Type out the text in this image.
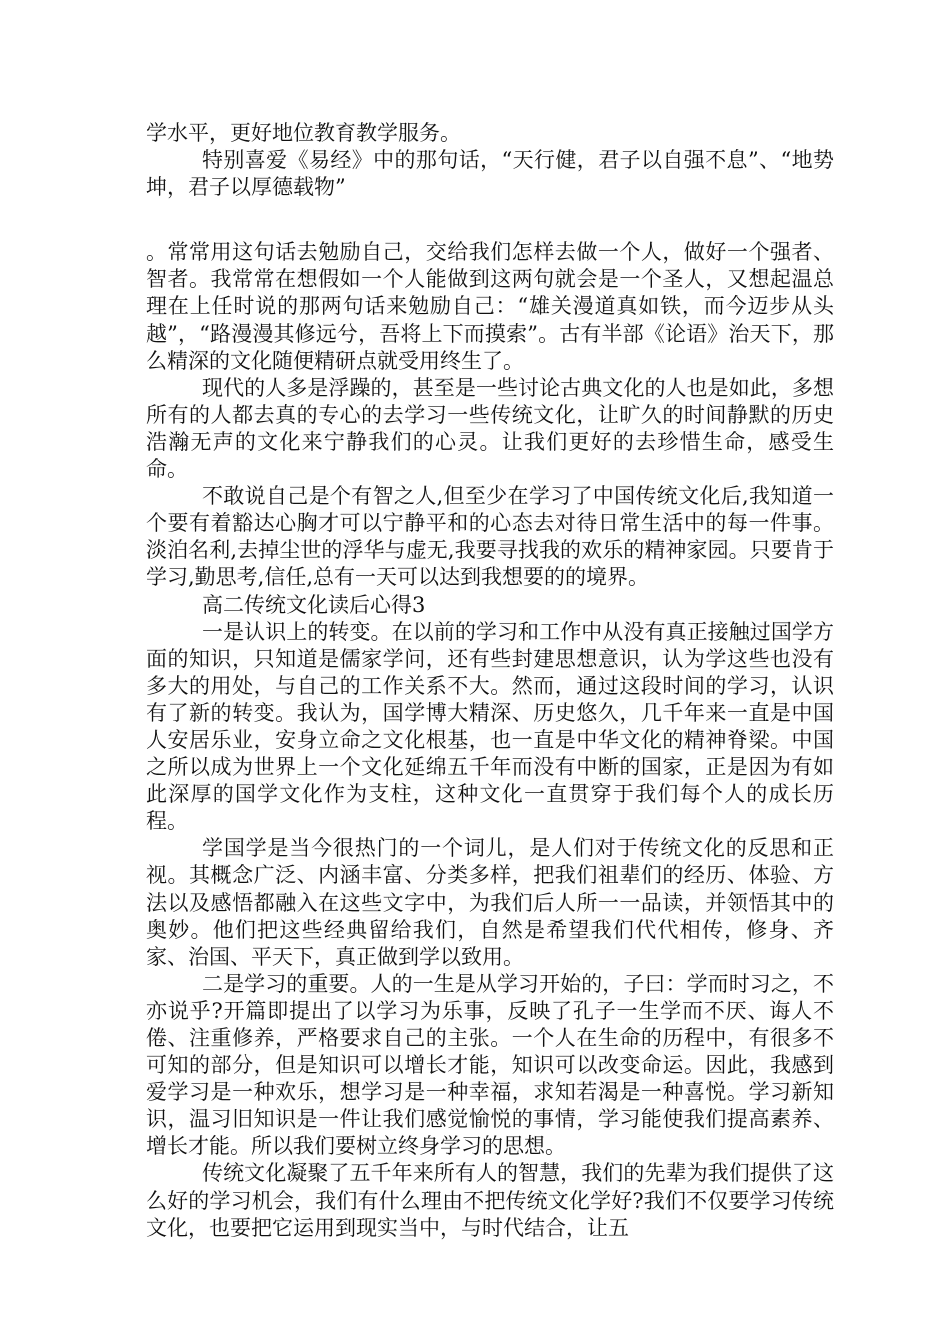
学水平，更好地位教育教学服务。

特别喜爱《易经》中的那句话，“天行健，君子以自强不息”、“地势坤，君子以厚德载物”

。常常用这句话去勉励自己，交给我们怎样去做一个人，做好一个强者、智者。我常常在想假如一个人能做到这两句就会是一个圣人，又想起温总理在上任时说的那两句话来勉励自己：“雄关漫道真如铁，而今迈步从头越”，“路漫漫其修远兮，吾将上下而摸索”。古有半部《论语》治天下，那么精深的文化随便精研点就受用终生了。

现代的人多是浮躁的，甚至是一些讨论古典文化的人也是如此，多想所有的人都去真的专心的去学习一些传统文化，让旷久的时间静默的历史浩瀚无声的文化来宁静我们的心灵。让我们更好的去珍惜生命，感受生命。

不敢说自己是个有智之人,但至少在学习了中国传统文化后,我知道一个要有着豁达心胸才可以宁静平和的心态去对待日常生活中的每一件事。淡泊名利,去掉尘世的浮华与虚无,我要寻找我的欢乐的精神家园。只要肯于学习,勤思考,信任,总有一天可以达到我想要的的境界。

高二传统文化读后心得3

一是认识上的转变。在以前的学习和工作中从没有真正接触过国学方面的知识，只知道是儒家学问，还有些封建思想意识，认为学这些也没有多大的用处，与自己的工作关系不大。然而，通过这段时间的学习，认识有了新的转变。我认为，国学博大精深、历史悠久，几千年来一直是中国人安居乐业，安身立命之文化根基，也一直是中华文化的精神脊梁。中国之所以成为世界上一个文化延绵五千年而没有中断的国家，正是因为有如此深厚的国学文化作为支柱，这种文化一直贯穿于我们每个人的成长历程。

学国学是当今很热门的一个词儿，是人们对于传统文化的反思和正视。其概念广泛、内涵丰富、分类多样，把我们祖辈们的经历、体验、方法以及感悟都融入在这些文字中，为我们后人所一一品读，并领悟其中的奥妙。他们把这些经典留给我们，自然是希望我们代代相传，修身、齐家、治国、平天下，真正做到学以致用。

二是学习的重要。人的一生是从学习开始的，子曰：学而时习之，不亦说乎?开篇即提出了以学习为乐事，反映了孔子一生学而不厌、诲人不倦、注重修养，严格要求自己的主张。一个人在生命的历程中，有很多不可知的部分，但是知识可以增长才能，知识可以改变命运。因此，我感到爱学习是一种欢乐，想学习是一种幸福，求知若渴是一种喜悦。学习新知识，温习旧知识是一件让我们感觉愉悦的事情，学习能使我们提高素养、增长才能。所以我们要树立终身学习的思想。

传统文化凝聚了五千年来所有人的智慧，我们的先辈为我们提供了这么好的学习机会，我们有什么理由不把传统文化学好?我们不仅要学习传统文化，也要把它运用到现实当中，与时代结合，让五
